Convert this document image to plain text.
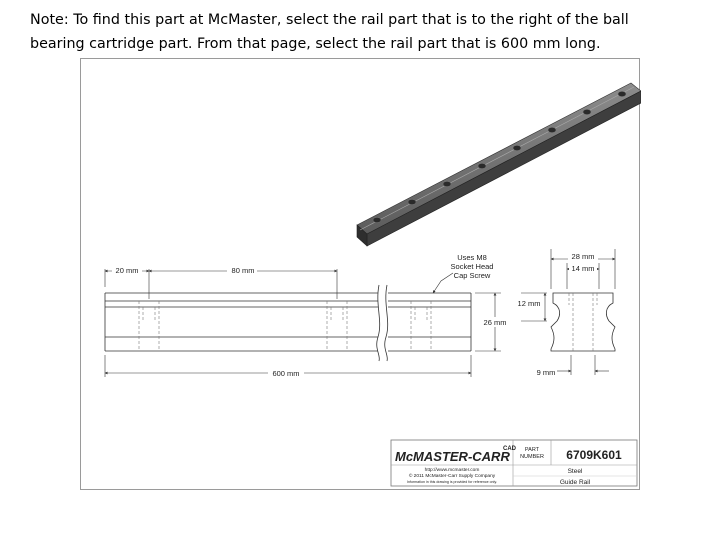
Note: To find this part at McMaster, select the rail part that is to the right of the ball

bearing cartridge part. From that page, select the rail part that is 600 mm long.

20 mm	80 mm
600 mm
26 mm
Uses M8
Socket Head
Cap Screw
28 mm
14 mm
12 mm
9 mm
McMASTER-CARR
CAD PART
NUMBER 6709K601
http://www.mcmaster.com
© 2011 McMaster-Carr Supply Company
Information in this drawing is provided for reference only.
Steel
Guide Rail
